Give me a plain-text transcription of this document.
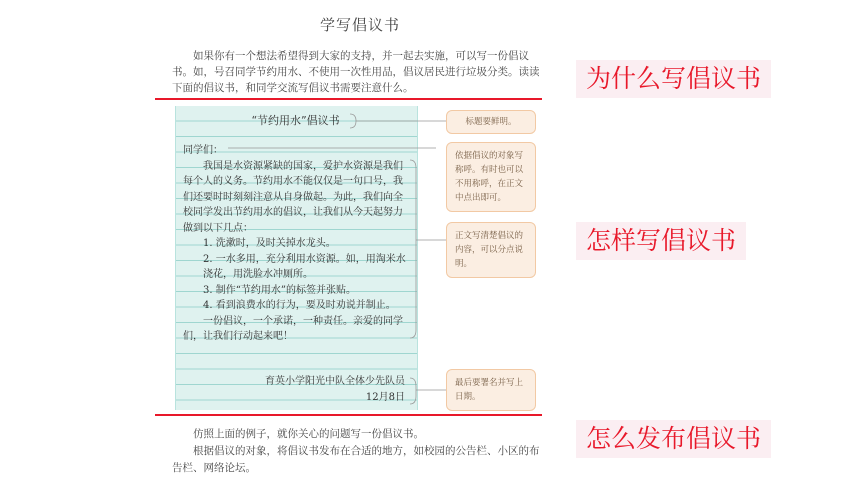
学写倡议书
如果你有一个想法希望得到大家的支持，并一起去实施，可以写一份倡议书。如，号召同学节约用水、不使用一次性用品，倡议居民进行垃圾分类。读读下面的倡议书，和同学交流写倡议书需要注意什么。
“节约用水”倡议书

同学们：

我国是水资源紧缺的国家，爱护水资源是我们每个人的义务。节约用水不能仅仅是一句口号，我们还要时时刻刻注意从自身做起。为此，我们向全校同学发出节约用水的倡议，让我们从今天起努力做到以下几点：

1. 洗漱时，及时关掉水龙头。

2. 一水多用，充分利用水资源。如，用淘米水浇花，用洗脸水冲厕所。

3. 制作“节约用水”的标签并张贴。

4. 看到浪费水的行为，要及时劝说并制止。

一份倡议，一个承诺，一种责任。亲爱的同学们，让我们行动起来吧！

育英小学阳光中队全体少先队员
12月8日
标题要鲜明。
依据倡议的对象写称呼。有时也可以不用称呼，在正文中点出即可。
正文写清楚倡议的内容，可以分点说明。
最后要署名并写上日期。
为什么写倡议书
怎样写倡议书
怎么发布倡议书

仿照上面的例子，就你关心的问题写一份倡议书。

根据倡议的对象，将倡议书发布在合适的地方，如校园的公告栏、小区的布告栏、网络论坛。
